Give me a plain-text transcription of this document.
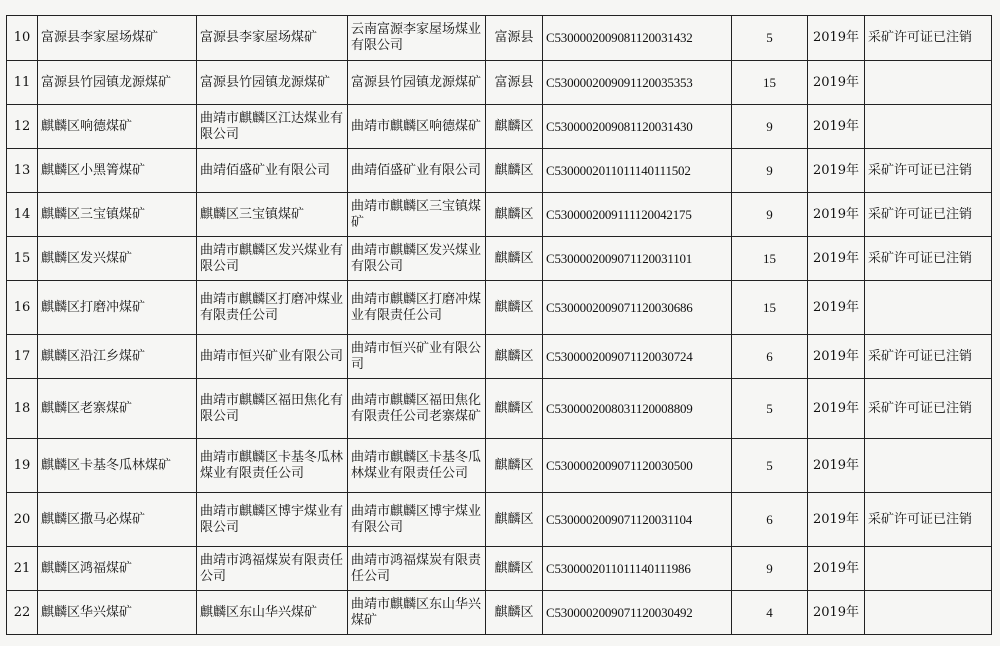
10	富源县李家屋场煤矿	富源县李家屋场煤矿	云南富源李家屋场煤业有限公司	富源县	C5300002009081120031432	5	2019年	采矿许可证已注销
11	富源县竹园镇龙源煤矿	富源县竹园镇龙源煤矿	富源县竹园镇龙源煤矿	富源县	C5300002009091120035353	15	2019年	
12	麒麟区响德煤矿	曲靖市麒麟区江达煤业有限公司	曲靖市麒麟区响德煤矿	麒麟区	C5300002009081120031430	9	2019年	
13	麒麟区小黑箐煤矿	曲靖佰盛矿业有限公司	曲靖佰盛矿业有限公司	麒麟区	C5300002011011140111502	9	2019年	采矿许可证已注销
14	麒麟区三宝镇煤矿	麒麟区三宝镇煤矿	曲靖市麒麟区三宝镇煤矿	麒麟区	C5300002009111120042175	9	2019年	采矿许可证已注销
15	麒麟区发兴煤矿	曲靖市麒麟区发兴煤业有限公司	曲靖市麒麟区发兴煤业有限公司	麒麟区	C5300002009071120031101	15	2019年	采矿许可证已注销
16	麒麟区打磨冲煤矿	曲靖市麒麟区打磨冲煤业有限责任公司	曲靖市麒麟区打磨冲煤业有限责任公司	麒麟区	C5300002009071120030686	15	2019年	
17	麒麟区沿江乡煤矿	曲靖市恒兴矿业有限公司	曲靖市恒兴矿业有限公司	麒麟区	C5300002009071120030724	6	2019年	采矿许可证已注销
18	麒麟区老寨煤矿	曲靖市麒麟区福田焦化有限公司	曲靖市麒麟区福田焦化有限责任公司老寨煤矿	麒麟区	C5300002008031120008809	5	2019年	采矿许可证已注销
19	麒麟区卡基冬瓜林煤矿	曲靖市麒麟区卡基冬瓜林煤业有限责任公司	曲靖市麒麟区卡基冬瓜林煤业有限责任公司	麒麟区	C5300002009071120030500	5	2019年	
20	麒麟区撒马必煤矿	曲靖市麒麟区博宇煤业有限公司	曲靖市麒麟区博宇煤业有限公司	麒麟区	C5300002009071120031104	6	2019年	采矿许可证已注销
21	麒麟区鸿福煤矿	曲靖市鸿福煤炭有限责任公司	曲靖市鸿福煤炭有限责任公司	麒麟区	C5300002011011140111986	9	2019年	
22	麒麟区华兴煤矿	麒麟区东山华兴煤矿	曲靖市麒麟区东山华兴煤矿	麒麟区	C5300002009071120030492	4	2019年	
